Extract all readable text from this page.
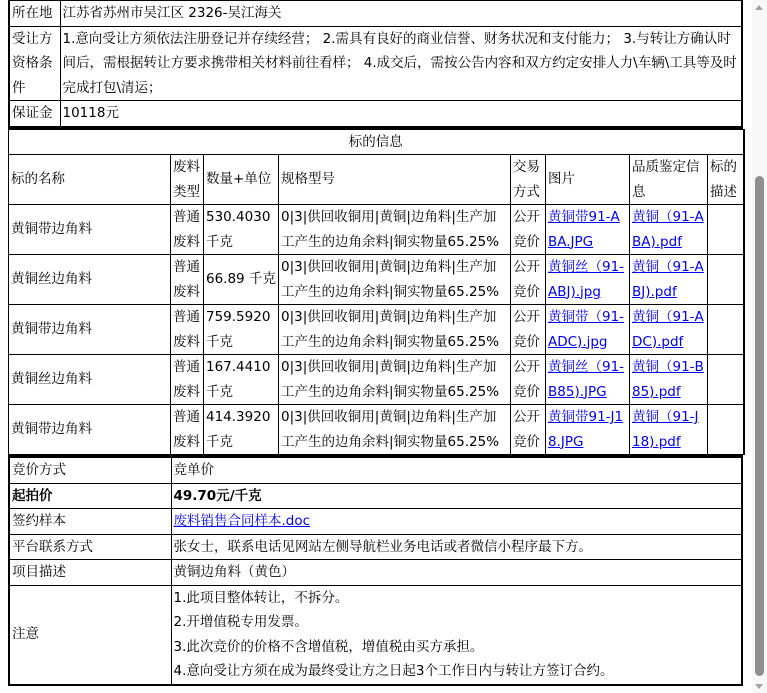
所在地	江苏省苏州市吴江区 2326-吴江海关
受让方资格条件	1.意向受让方须依法注册登记并存续经营； 2.需具有良好的商业信誉、财务状况和支付能力； 3.与转让方确认时间后，需根据转让方要求携带相关材料前往看样； 4.成交后，需按公告内容和双方约定安排人力\车辆\工具等及时完成打包\清运；
保证金	10118元
标的信息							
标的名称	废料类型	数量+单位	规格型号	交易方式	图片	品质鉴定信息	标的描述
黄铜带边角料	普通废料	530.4030 千克	0|3|供回收铜用|黄铜|边角料|生产加工产生的边角余料|铜实物量65.25%	公开竞价	黄铜带91-ABA.JPG	黄铜（91-ABA).pdf	
黄铜丝边角料	普通废料	66.89 千克	0|3|供回收铜用|黄铜|边角料|生产加工产生的边角余料|铜实物量65.25%	公开竞价	黄铜丝（91-ABJ).jpg	黄铜（91-ABJ).pdf	
黄铜带边角料	普通废料	759.5920 千克	0|3|供回收铜用|黄铜|边角料|生产加工产生的边角余料|铜实物量65.25%	公开竞价	黄铜带（91-ADC).jpg	黄铜（91-ADC).pdf	
黄铜丝边角料	普通废料	167.4410 千克	0|3|供回收铜用|黄铜|边角料|生产加工产生的边角余料|铜实物量65.25%	公开竞价	黄铜丝（91-B85).JPG	黄铜（91-B85).pdf	
黄铜带边角料	普通废料	414.3920 千克	0|3|供回收铜用|黄铜|边角料|生产加工产生的边角余料|铜实物量65.25%	公开竞价	黄铜带91-J18.JPG	黄铜（91-J18).pdf	
竞价方式	竞单价
起拍价	49.70元/千克
签约样本	废料销售合同样本.doc
平台联系方式	张女士，联系电话见网站左侧导航栏业务电话或者微信小程序最下方。
项目描述	黄铜边角料（黄色）
注意	1.此项目整体转让，不拆分。
2.开增值税专用发票。
3.此次竞价的价格不含增值税，增值税由买方承担。
4.意向受让方须在成为最终受让方之日起3个工作日内与转让方签订合约。
